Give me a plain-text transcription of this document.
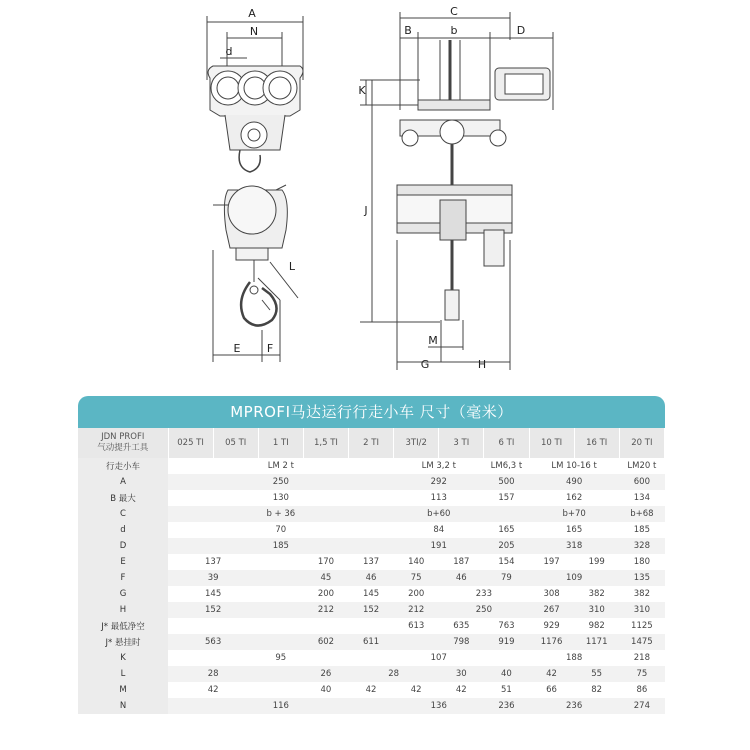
A
N
d
E F
L
C
B	b	D
K
J
M
G	H
MPROFI马达运行行走小车 尺寸（毫米）
JDN PROFI
气动提升工具	025 TI	05 TI	1 TI	1,5 TI	2 TI	3TI/2	3 TI	6 TI	10 TI	16 TI	20 TI
行走小车	LM 2 t					LM 3,2 t		LM6,3 t	LM 10-16 t		LM20 t
A	250					292		500	490		600
B 最大	130					113		157	162		134
C	b + 36					b+60			b+70		b+68
d	70					84		165	165		185
D	185					191		205	318		328
E	137			170	137	140	187	154	197	199	180
F	39			45	46	75	46	79	109		135
G	145			200	145	200	233		308	382	382
H	152			212	152	212	250		267	310	310
J* 最低净空						613	635	763	929	982	1125
J* 悬挂时	563			602	611		798	919	1176	1171	1475
K	95					107			188		218
L	28			26	28		30	40	42	55	75
M	42			40	42	42	42	51	66	82	86
N	116					136		236	236		274
